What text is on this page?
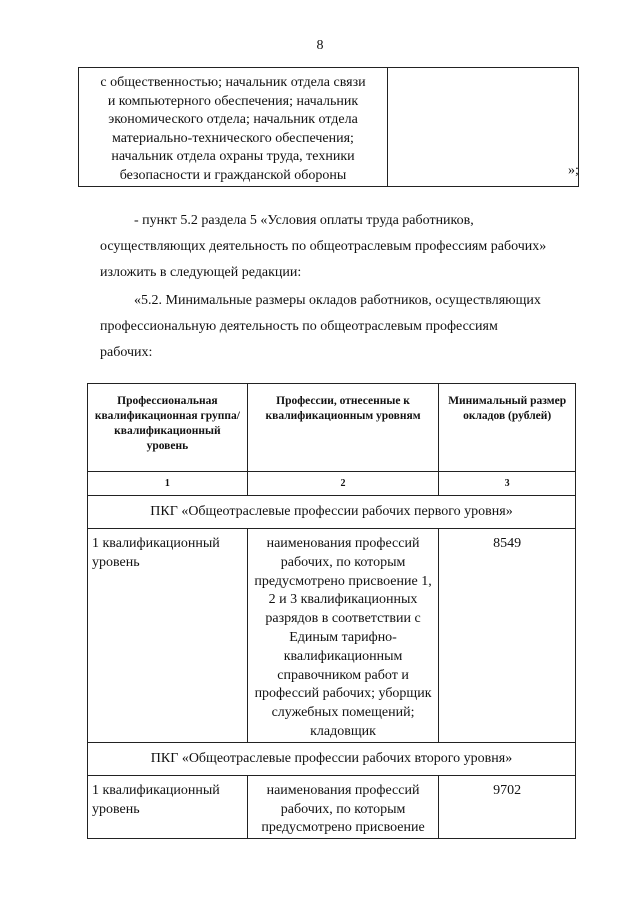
8
с общественностью; начальник отдела связи
и компьютерного обеспечения; начальник
экономического отдела; начальник отдела
материально-технического обеспечения;
начальник отдела охраны труда, техники
безопасности и гражданской обороны
		»;
- пункт 5.2 раздела 5 «Условия оплаты труда работников,
осуществляющих деятельность по общеотраслевым профессиям рабочих»
изложить в следующей редакции:
«5.2. Минимальные размеры окладов работников, осуществляющих
профессиональную деятельность по общеотраслевым профессиям
рабочих:
Профессиональная квалификационная группа/ квалификационный уровень	Профессии, отнесенные к квалификационным уровням	Минимальный размер окладов (рублей)
1	2	3
ПКГ «Общеотраслевые профессии рабочих первого уровня»		
1 квалификационный уровень	наименования профессий рабочих, по которым предусмотрено присвоение 1, 2 и 3 квалификационных разрядов в соответствии с Единым тарифно-квалификационным справочником работ и профессий рабочих; уборщик служебных помещений; кладовщик	8549
ПКГ «Общеотраслевые профессии рабочих второго уровня»		
1 квалификационный уровень	наименования профессий рабочих, по которым предусмотрено присвоение	9702
